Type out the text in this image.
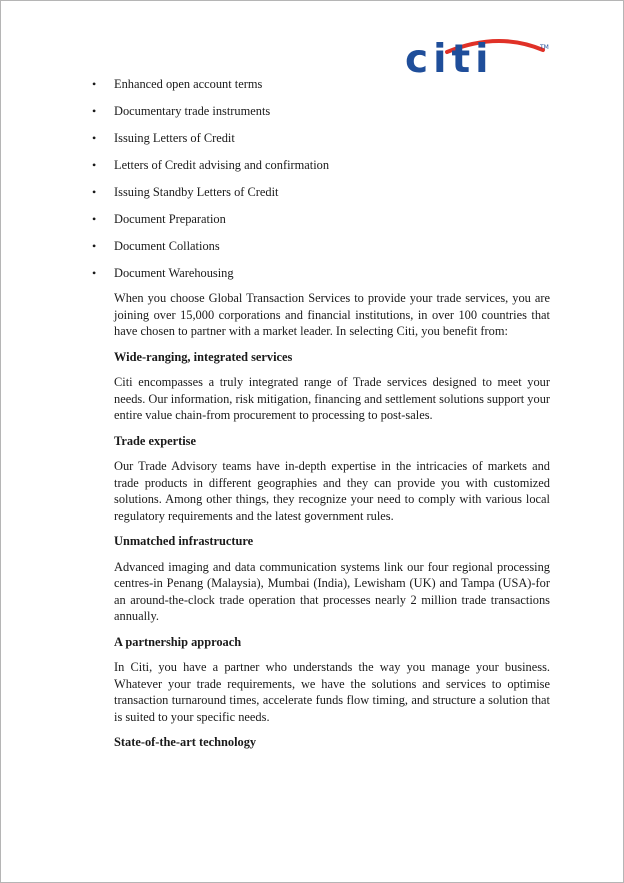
citi	TM
• Enhanced open account terms
• Documentary trade instruments
• Issuing Letters of Credit
• Letters of Credit advising and confirmation
• Issuing Standby Letters of Credit
• Document Preparation
• Document Collations
• Document Warehousing

When you choose Global Transaction Services to provide your trade services, you are joining over 15,000 corporations and financial institutions, in over 100 countries that have chosen to partner with a market leader. In selecting Citi, you benefit from:

Wide-ranging, integrated services

Citi encompasses a truly integrated range of Trade services designed to meet your needs. Our information, risk mitigation, financing and settlement solutions support your entire value chain-from procurement to processing to post-sales.

Trade expertise

Our Trade Advisory teams have in-depth expertise in the intricacies of markets and trade products in different geographies and they can provide you with customized solutions. Among other things, they recognize your need to comply with various local regulatory requirements and the latest government rules.

Unmatched infrastructure

Advanced imaging and data communication systems link our four regional processing centres-in Penang (Malaysia), Mumbai (India), Lewisham (UK) and Tampa (USA)-for an around-the-clock trade operation that processes nearly 2 million trade transactions annually.

A partnership approach

In Citi, you have a partner who understands the way you manage your business. Whatever your trade requirements, we have the solutions and services to optimise transaction turnaround times, accelerate funds flow timing, and structure a solution that is suited to your specific needs.

State-of-the-art technology
